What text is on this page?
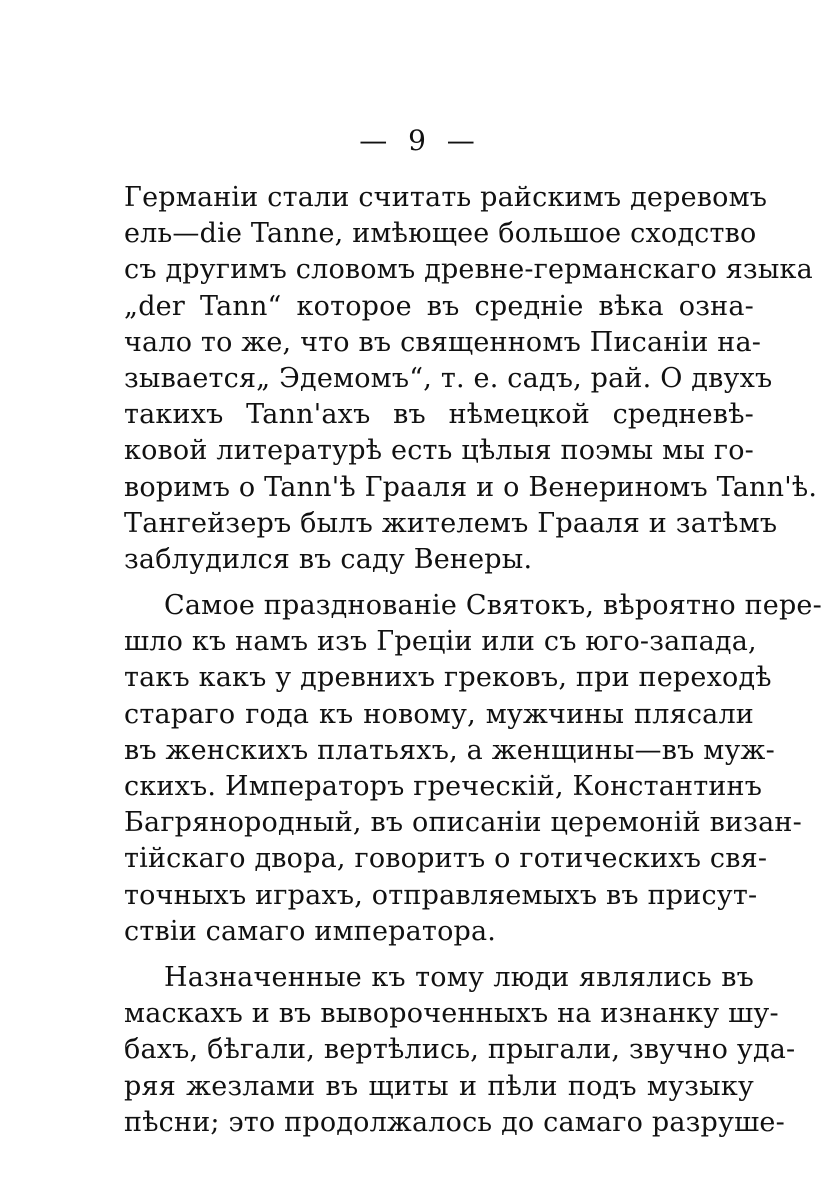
— 9 —
Германiи стали считать райскимъ деревомъ
ель—die Tanne, имѣющее большое сходство
съ другимъ словомъ древне-германскаго языка
„der Tann“ которое въ среднiе вѣка озна-
чало то же, что въ священномъ Писанiи на-
зывается„ Эдемомъ“, т. е. садъ, рай. О двухъ
такихъ Tann'ахъ въ нѣмецкой средневѣ-
ковой литературѣ есть цѣлыя поэмы мы го-
воримъ о Tann'ѣ Грааля и о Венериномъ Tann'ѣ.
Тангейзеръ былъ жителемъ Грааля и затѣмъ
заблудился въ саду Венеры.
Самое празднованiе Святокъ, вѣроятно пере-
шло къ намъ изъ Грецiи или съ юго-запада,
такъ какъ у древнихъ грековъ, при переходѣ
стараго года къ новому, мужчины плясали
въ женскихъ платьяхъ, а женщины—въ муж-
скихъ. Императоръ греческiй, Константинъ
Багрянородный, въ описанiи церемонiй визан-
тiйскаго двора, говоритъ о готическихъ свя-
точныхъ играхъ, отправляемыхъ въ присут-
ствiи самаго императора.
Назначенные къ тому люди являлись въ
маскахъ и въ вывороченныхъ на изнанку шу-
бахъ, бѣгали, вертѣлись, прыгали, звучно уда-
ряя жезлами въ щиты и пѣли подъ музыку
пѣсни; это продолжалось до самаго разруше-
